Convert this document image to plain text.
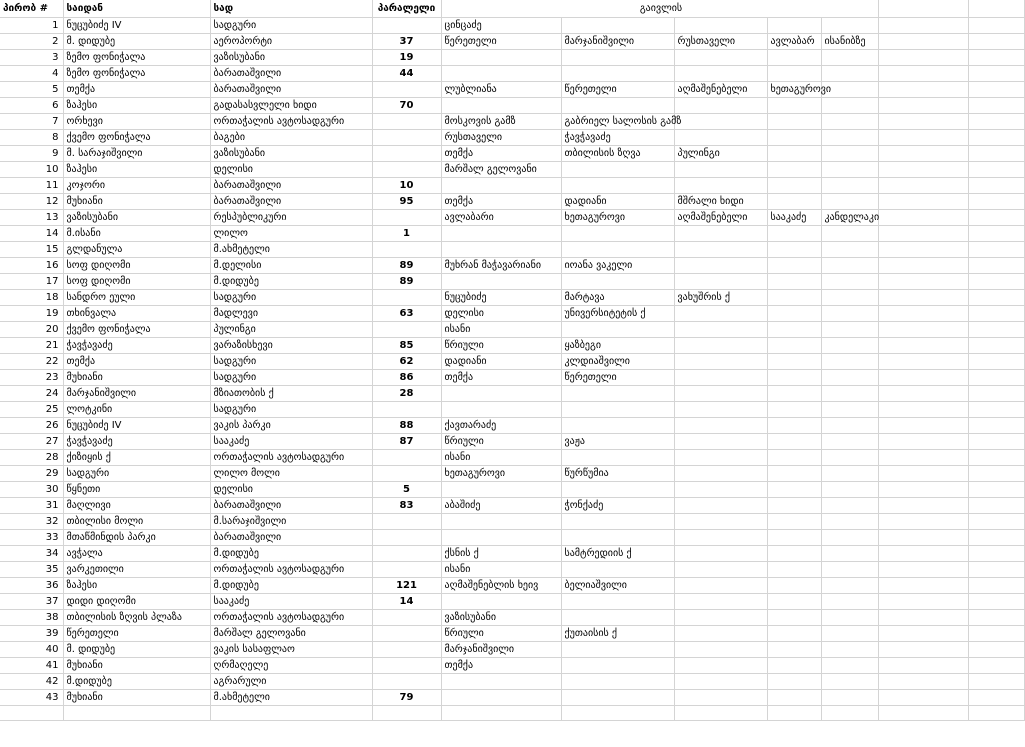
პირობ #	საიდან	სად	პარალელი	გაივლის						
1	ნუცუბიძე IV	სადგური		ცინცაძე						
2	მ. დიდუბე	აეროპორტი	37	წერეთელი	მარჯანიშვილი	რუსთაველი	ავლაბარ	ისანიბზე		
3	ზემო ფონიჭალა	ვაზისუბანი	19							
4	ზემო ფონიჭალა	ბარათაშვილი	44							
5	თემქა	ბარათაშვილი		ლუბლიანა	წერეთელი	აღმაშენებელი	ხეთაგუროვი			
6	ზაჰესი	გადასასვლელი ხიდი	70							
7	ორხევი	ორთაჭალის ავტოსადგური		მოსკოვის გამზ	გაბრიელ სალოსის გამზ					
8	ქვემო ფონიჭალა	ბაგები		რუსთაველი	ჭავჭავაძე					
9	მ. სარაჯიშვილი	ვაზისუბანი		თემქა	თბილისის ზღვა	პულინგი				
10	ზაჰესი	დელისი		მარშალ გელოვანი						
11	კოჯორი	ბარათაშვილი	10							
12	მუხიანი	ბარათაშვილი	95	თემქა	დადიანი	მშრალი ხიდი				
13	ვაზისუბანი	რესპუბლიკური		ავლაბარი	ხეთაგუროვი	აღმაშენებელი	სააკაძე	კანდელაკი		
14	მ.ისანი	ლილო	1							
15	გლდანულა	მ.ახმეტელი								
16	სოფ დიღომი	მ.დელისი	89	მუხრან მაჭავარიანი	იოანა ვაკელი					
17	სოფ დიღომი	მ.დიდუბე	89							
18	სანდრო ეული	სადგური		ნუცუბიძე	მარტავა	ვახუშრის ქ				
19	თხინვალა	მადლევი	63	დელისი	უნივერსიტეტის ქ					
20	ქვემო ფონიჭალა	პულინგი		ისანი						
21	ჭავჭავაძე	ვარაზისხევი	85	წრიული	ყაზბეგი					
22	თემქა	სადგური	62	დადიანი	კლდიაშვილი					
23	მუხიანი	სადგური	86	თემქა	წერეთელი					
24	მარჯანიშვილი	მზიათობის ქ	28							
25	ლოტკინი	სადგური								
26	ნუცუბიძე IV	ვაკის პარკი	88	ქავთარაძე						
27	ჭავჭავაძე	სააკაძე	87	წრიული	ვაჟა					
28	ქიზიყის ქ	ორთაჭალის ავტოსადგური		ისანი						
29	სადგური	ლილო მოლი		ხეთაგუროვი	წურწუმია					
30	წყნეთი	დელისი	5							
31	მაღლივი	ბარათაშვილი	83	აბაშიძე	ჭონქაძე					
32	თბილისი მოლი	მ.სარაჯიშვილი								
33	მთაწმინდის პარკი	ბარათაშვილი								
34	ავჭალა	მ.დიდუბე		ქსნის ქ	სამტრედიის ქ					
35	ვარკეთილი	ორთაჭალის ავტოსადგური		ისანი						
36	ზაჰესი	მ.დიდუბე	121	აღმაშენებლის ხეივ	ბელიაშვილი					
37	დიდი დიღომი	სააკაძე	14							
38	თბილისის ზღვის პლაზა	ორთაჭალის ავტოსადგური		ვაზისუბანი						
39	წერეთელი	მარშალ გელოვანი		წრიული	ქუთაისის ქ					
40	მ. დიდუბე	ვაკის სასაფლაო		მარჯანიშვილი						
41	მუხიანი	ღრმაღელე		თემქა						
42	მ.დიდუბე	აგრარული								
43	მუხიანი	მ.ახმეტელი	79							
